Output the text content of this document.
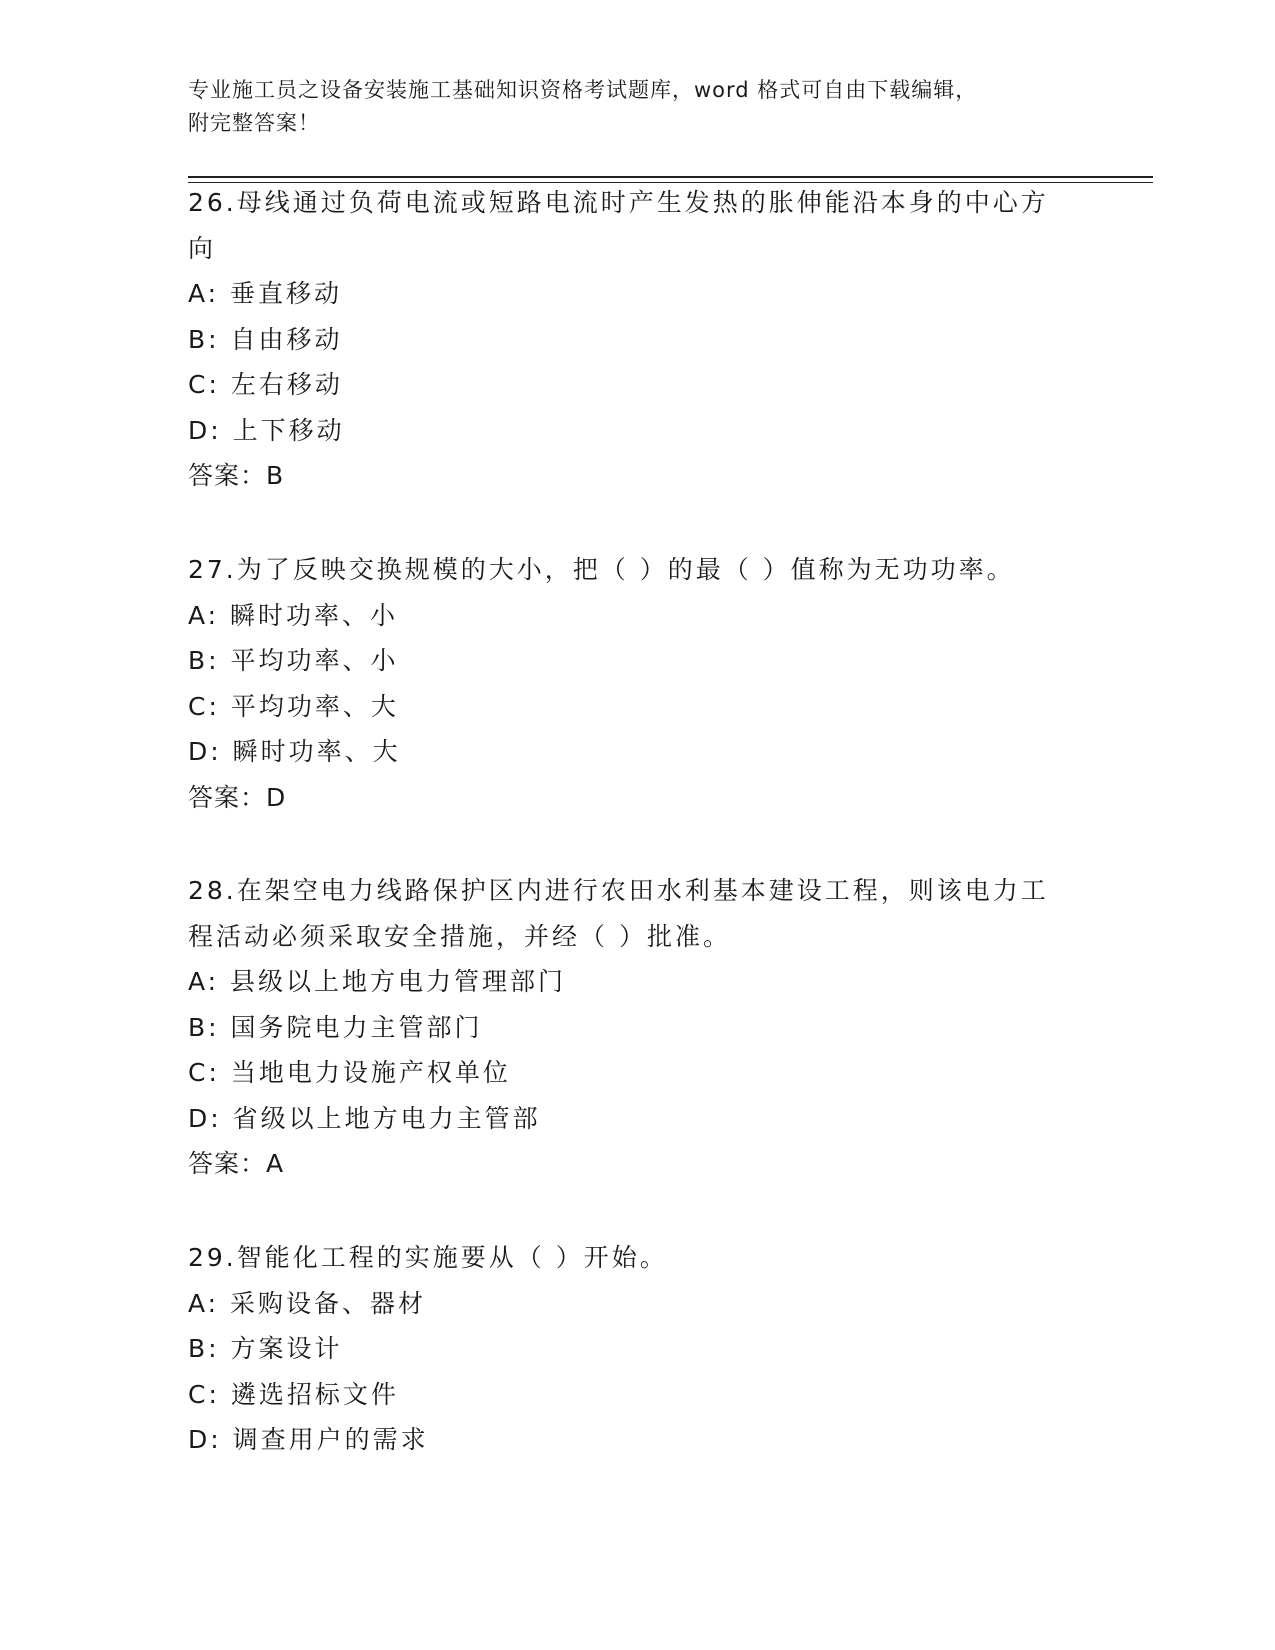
专业施工员之设备安装施工基础知识资格考试题库，word 格式可自由下载编辑，
附完整答案！
26.母线通过负荷电流或短路电流时产生发热的胀伸能沿本身的中心方
向
A: 垂直移动
B: 自由移动
C: 左右移动
D: 上下移动
答案：B
27.为了反映交换规模的大小，把（ ）的最（ ）值称为无功功率。
A: 瞬时功率、小
B: 平均功率、小
C: 平均功率、大
D: 瞬时功率、大
答案：D
28.在架空电力线路保护区内进行农田水利基本建设工程，则该电力工
程活动必须采取安全措施，并经（ ）批准。
A: 县级以上地方电力管理部门
B: 国务院电力主管部门
C: 当地电力设施产权单位
D: 省级以上地方电力主管部
答案：A
29.智能化工程的实施要从（ ）开始。
A: 采购设备、器材
B: 方案设计
C: 遴选招标文件
D: 调查用户的需求
